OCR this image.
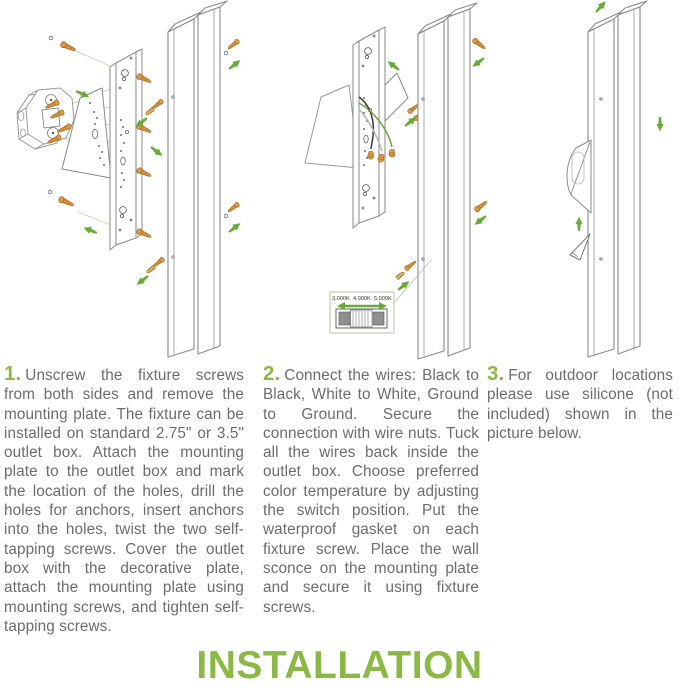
3,000K 4,000K 5,000K
1. Unscrew the fixture screws from both sides and remove the mounting plate. The fixture can be installed on standard 2.75" or 3.5" outlet box. Attach the mounting plate to the outlet box and mark the location of the holes, drill the holes for anchors, insert anchors into the holes, twist the two self-tapping screws. Cover the outlet box with the decorative plate, attach the mounting plate using mounting screws, and tighten self-tapping screws.
2. Connect the wires: Black to Black, White to White, Ground to Ground. Secure the connection with wire nuts. Tuck all the wires back inside the outlet box. Choose preferred color temperature by adjusting the switch position. Put the waterproof gasket on each fixture screw. Place the wall sconce on the mounting plate and secure it using fixture screws.
3. For outdoor locations please use silicone (not included) shown in the picture below.
INSTALLATION
